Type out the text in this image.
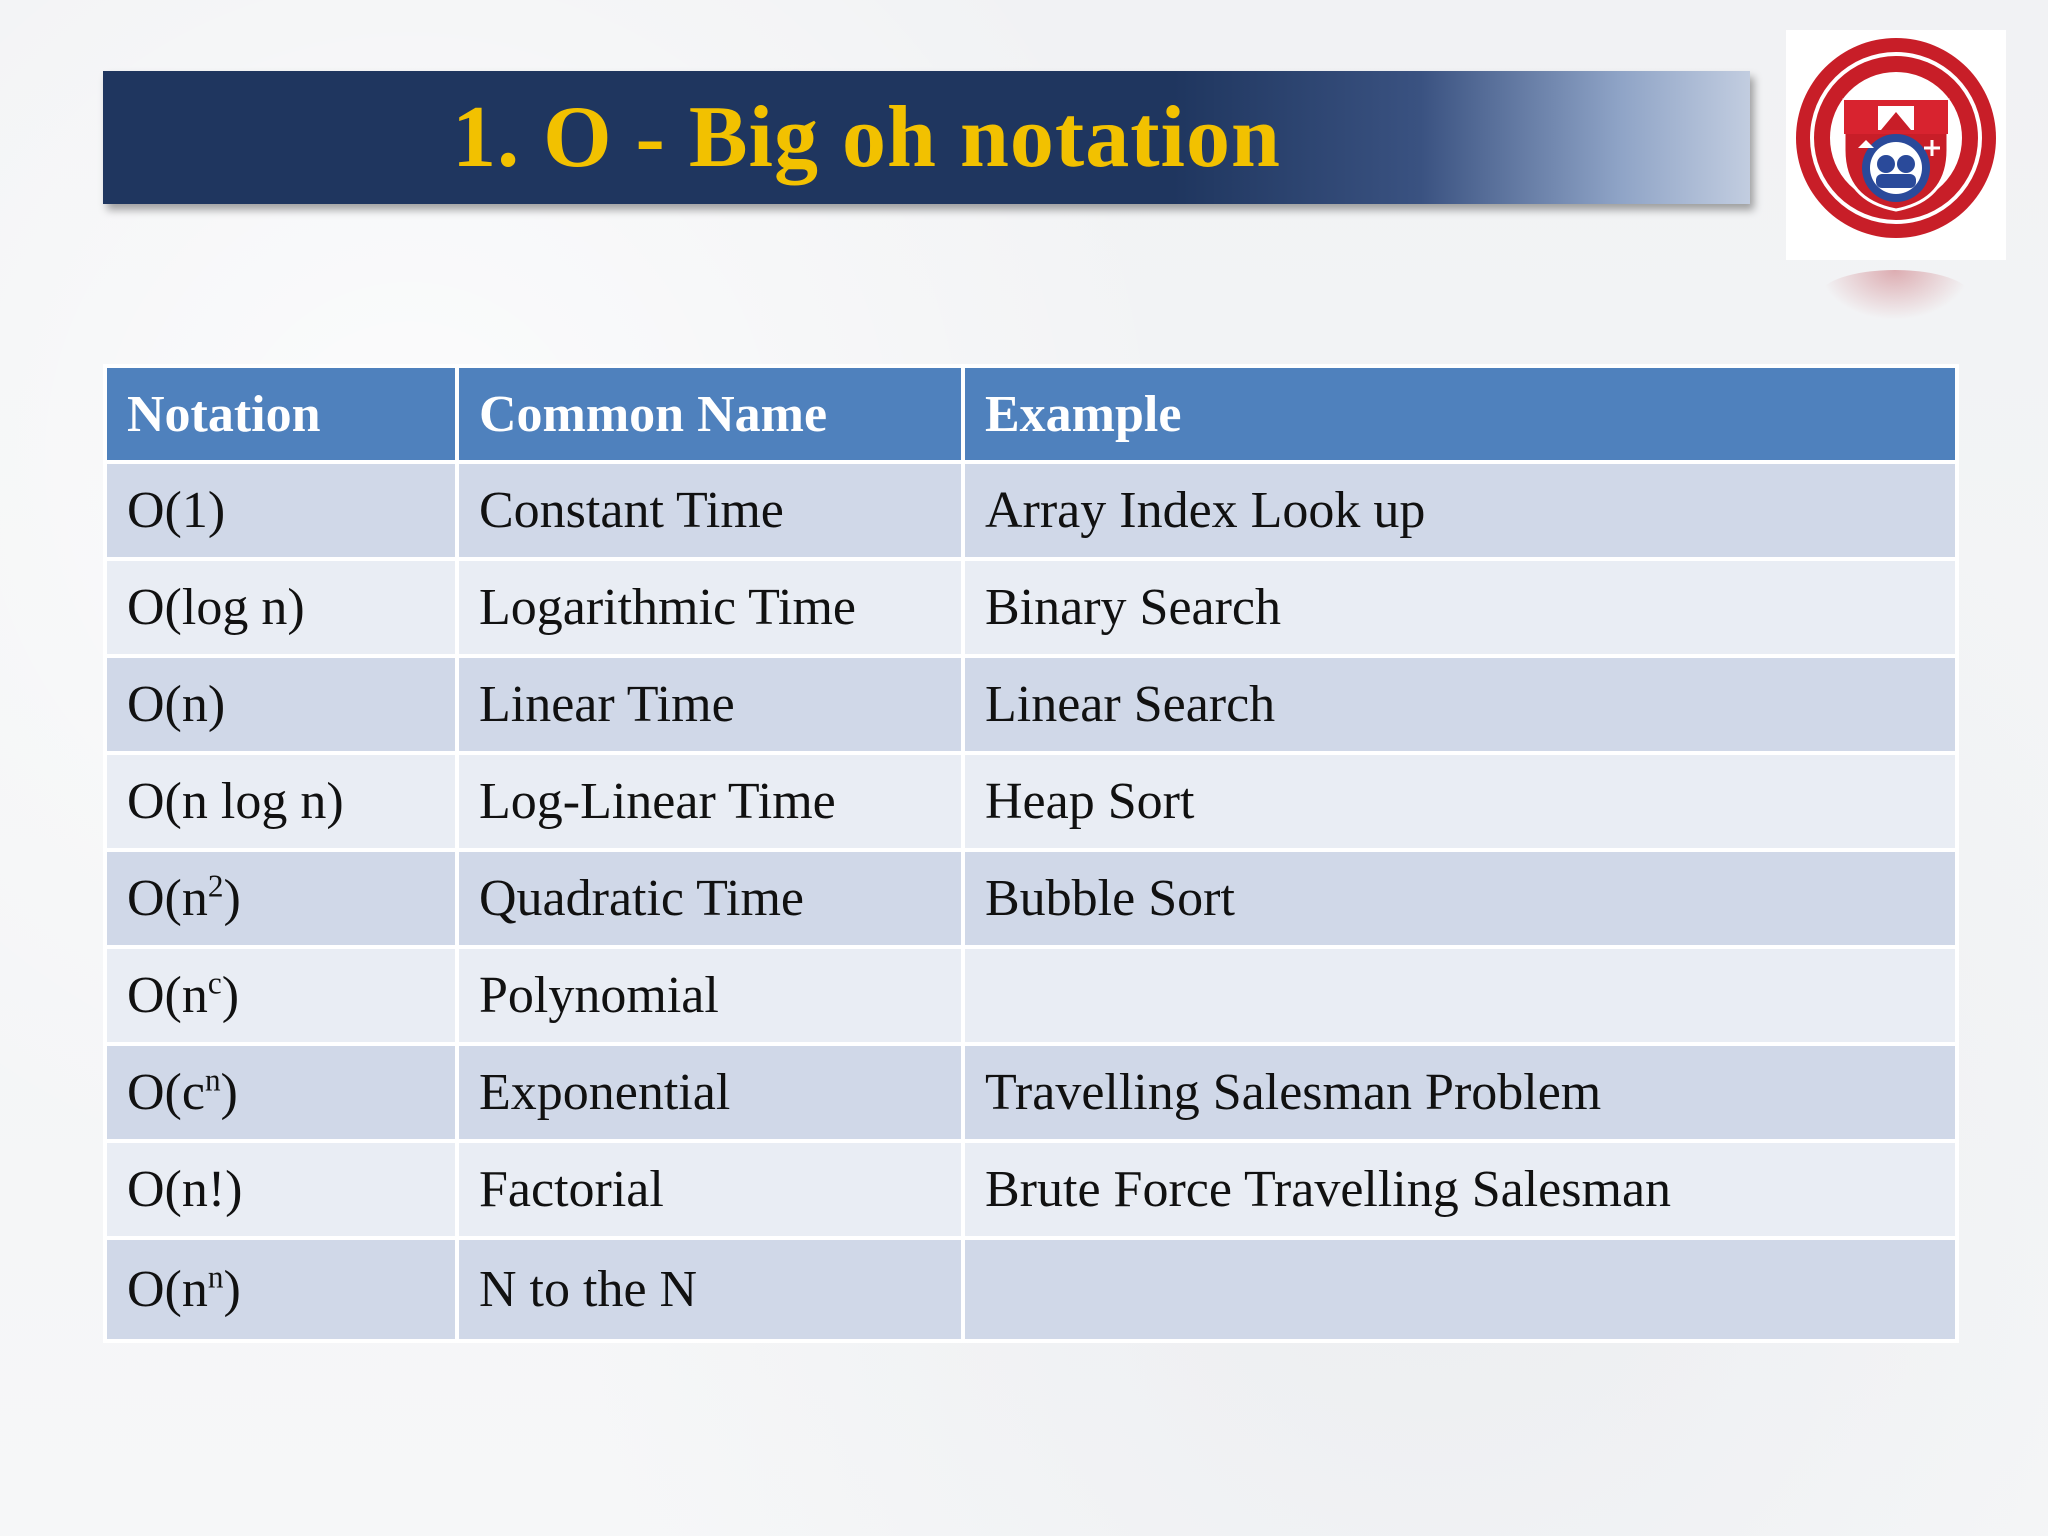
1. O - Big oh notation
Notation	Common Name	Example
O(1)	Constant Time	Array Index Look up
O(log n)	Logarithmic Time	Binary Search
O(n)	Linear Time	Linear Search
O(n log n)	Log-Linear Time	Heap Sort
$O(n^2)$	Quadratic Time	Bubble Sort
$O(n^c)$	Polynomial	
$O(c^n)$	Exponential	Travelling Salesman Problem
O(n!)	Factorial	Brute Force Travelling Salesman
$O(n^n)$	N to the N	
